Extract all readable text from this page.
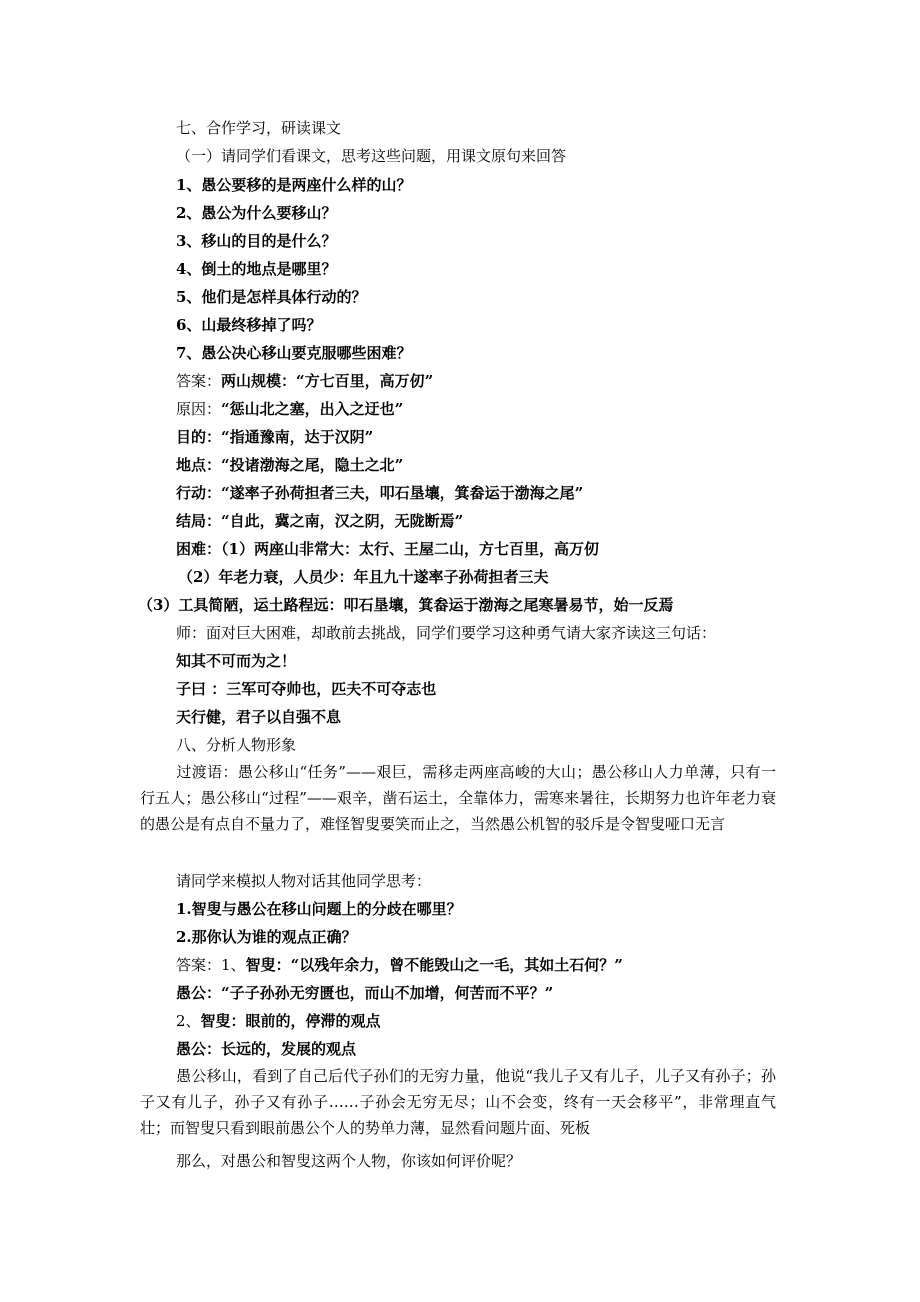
七、合作学习，研读课文
（一）请同学们看课文，思考这些问题，用课文原句来回答
1、愚公要移的是两座什么样的山？
2、愚公为什么要移山？
3、移山的目的是什么？
4、倒土的地点是哪里？
5、他们是怎样具体行动的？
6、山最终移掉了吗？
7、愚公决心移山要克服哪些困难？
答案：两山规模：“方七百里，高万仞”
原因：“惩山北之塞，出入之迂也”
目的：“指通豫南，达于汉阴”
地点：“投诸渤海之尾，隐土之北”
行动：“遂率子孙荷担者三夫，叩石垦壤，箕畚运于渤海之尾”
结局：“自此，冀之南，汉之阴，无陇断焉”
困难：（1）两座山非常大：太行、王屋二山，方七百里，高万仞
（2）年老力衰，人员少：年且九十遂率子孙荷担者三夫
（3）工具简陋，运土路程远：叩石垦壤，箕畚运于渤海之尾寒暑易节，始一反焉
师：面对巨大困难，却敢前去挑战，同学们要学习这种勇气请大家齐读这三句话：
知其不可而为之！
子曰 ：三军可夺帅也，匹夫不可夺志也
天行健，君子以自强不息
八、分析人物形象
过渡语：愚公移山“任务”——艰巨，需移走两座高峻的大山；愚公移山人力单薄，只有一行五人；愚公移山“过程”——艰辛，凿石运土，全靠体力，需寒来暑往，长期努力也许年老力衰的愚公是有点自不量力了，难怪智叟要笑而止之，当然愚公机智的驳斥是令智叟哑口无言
请同学来模拟人物对话其他同学思考：
1.智叟与愚公在移山问题上的分歧在哪里？
2.那你认为谁的观点正确？
答案：1、智叟：“以残年余力，曾不能毁山之一毛，其如土石何？”
愚公：“子子孙孙无穷匮也，而山不加增，何苦而不平？”
2、智叟：眼前的，停滞的观点
愚公：长远的，发展的观点
愚公移山，看到了自己后代子孙们的无穷力量，他说“我儿子又有儿子，儿子又有孙子；孙子又有儿子，孙子又有孙子……子孙会无穷无尽；山不会变，终有一天会移平”，非常理直气壮；而智叟只看到眼前愚公个人的势单力薄，显然看问题片面、死板
那么，对愚公和智叟这两个人物，你该如何评价呢？
